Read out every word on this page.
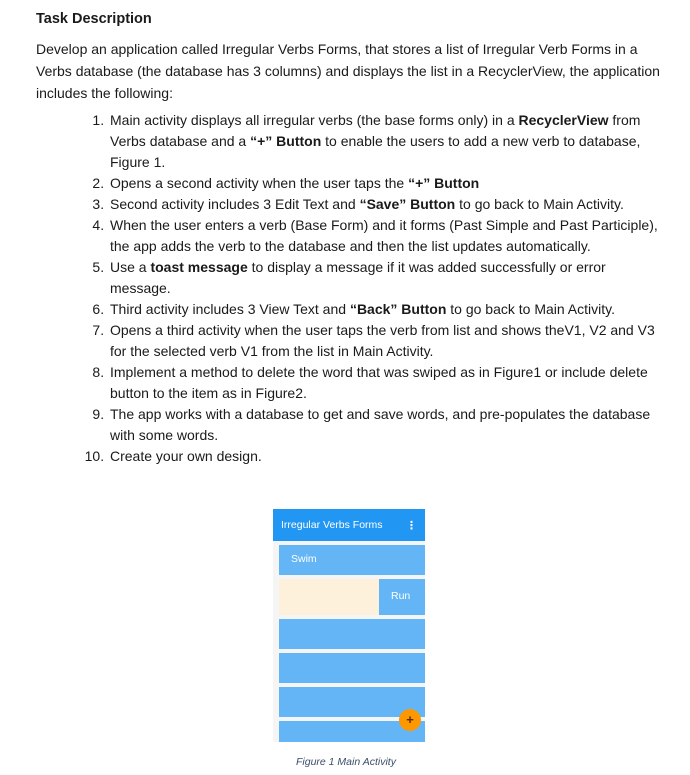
Task Description

Develop an application called Irregular Verbs Forms, that stores a list of Irregular Verb Forms in a Verbs database (the database has 3 columns) and displays the list in a RecyclerView, the application includes the following:

1. Main activity displays all irregular verbs (the base forms only) in a RecyclerView from Verbs database and a “+” Button to enable the users to add a new verb to database, Figure 1.
2. Opens a second activity when the user taps the “+” Button
3. Second activity includes 3 Edit Text and “Save” Button to go back to Main Activity.
4. When the user enters a verb (Base Form) and it forms (Past Simple and Past Participle), the app adds the verb to the database and then the list updates automatically.
5. Use a toast message to display a message if it was added successfully or error message.
6. Third activity includes 3 View Text and “Back” Button to go back to Main Activity.
7. Opens a third activity when the user taps the verb from list and shows theV1, V2 and V3 for the selected verb V1 from the list in Main Activity.
8. Implement a method to delete the word that was swiped as in Figure1 or include delete button to the item as in Figure2.
9. The app works with a database to get and save words, and pre-populates the database with some words.
10. Create your own design.
Irregular Verbs Forms ⋮
Swim
Run
+
Figure 1 Main Activity
